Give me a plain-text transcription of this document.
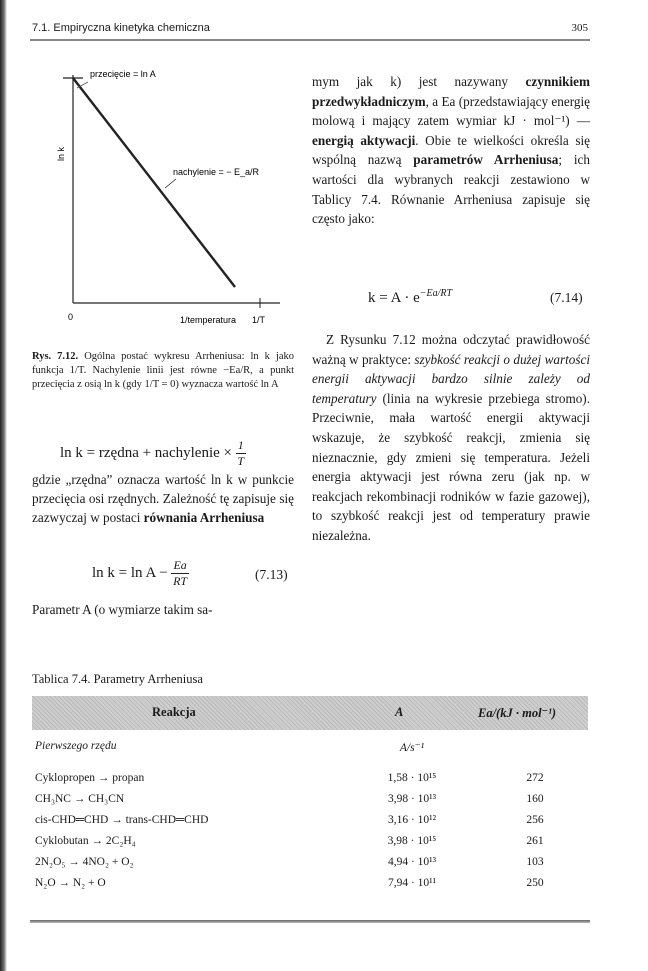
7.1. Empiryczna kinetyka chemiczna	305
przecięcie = ln A
ln k
nachylenie = − E_a/R
0	1/temperatura 1/T
Rys. 7.12. Ogólna postać wykresu Arrheniusa: ln k jako funkcja 1/T. Nachylenie linii jest równe −Ea/R, a punkt przecięcia z osią ln k (gdy 1/T = 0) wyznacza wartość ln A
ln k = rzędna + nachylenie × $\frac{1}{T}$
gdzie „rzędna” oznacza wartość ln k w punkcie przecięcia osi rzędnych. Zależność tę zapisuje się zazwyczaj w postaci równania Arrheniusa
$\ln k = \ln A - \frac{Ea}{RT}$	(7.13)
Parametr A (o wymiarze takim sa-
mym jak k) jest nazywany czynnikiem przedwykładniczym, a Ea (przedstawiający energię molową i mający zatem wymiar kJ · mol⁻¹) — energią aktywacji. Obie te wielkości określa się wspólną nazwą parametrów Arrheniusa; ich wartości dla wybranych reakcji zestawiono w Tablicy 7.4. Równanie Arrheniusa zapisuje się często jako:
$k = A \cdot e^{-Ea/RT}$	(7.14)
Z Rysunku 7.12 można odczytać prawidłowość ważną w praktyce: szybkość reakcji o dużej wartości energii aktywacji bardzo silnie zależy od temperatury (linia na wykresie przebiega stromo). Przeciwnie, mała wartość energii aktywacji wskazuje, że szybkość reakcji, zmienia się nieznacznie, gdy zmieni się temperatura. Jeżeli energia aktywacji jest równa zeru (jak np. w reakcjach rekombinacji rodników w fazie gazowej), to szybkość reakcji jest od temperatury prawie niezależna.
Tablica 7.4. Parametry Arrheniusa
Reakcja	A	Ea/(kJ · mol⁻¹)
Pierwszego rzędu	A/s⁻¹
Cyklopropen → propan	1,58 · 10¹⁵	272
CH₃NC → CH₃CN	3,98 · 10¹³	160
cis-CHD═CHD → trans-CHD═CHD	3,16 · 10¹²	256
Cyklobutan → 2C₂H₄	3,98 · 10¹⁵	261
2N₂O₅ → 4NO₂ + O₂	4,94 · 10¹³	103
N₂O → N₂ + O	7,94 · 10¹¹	250
